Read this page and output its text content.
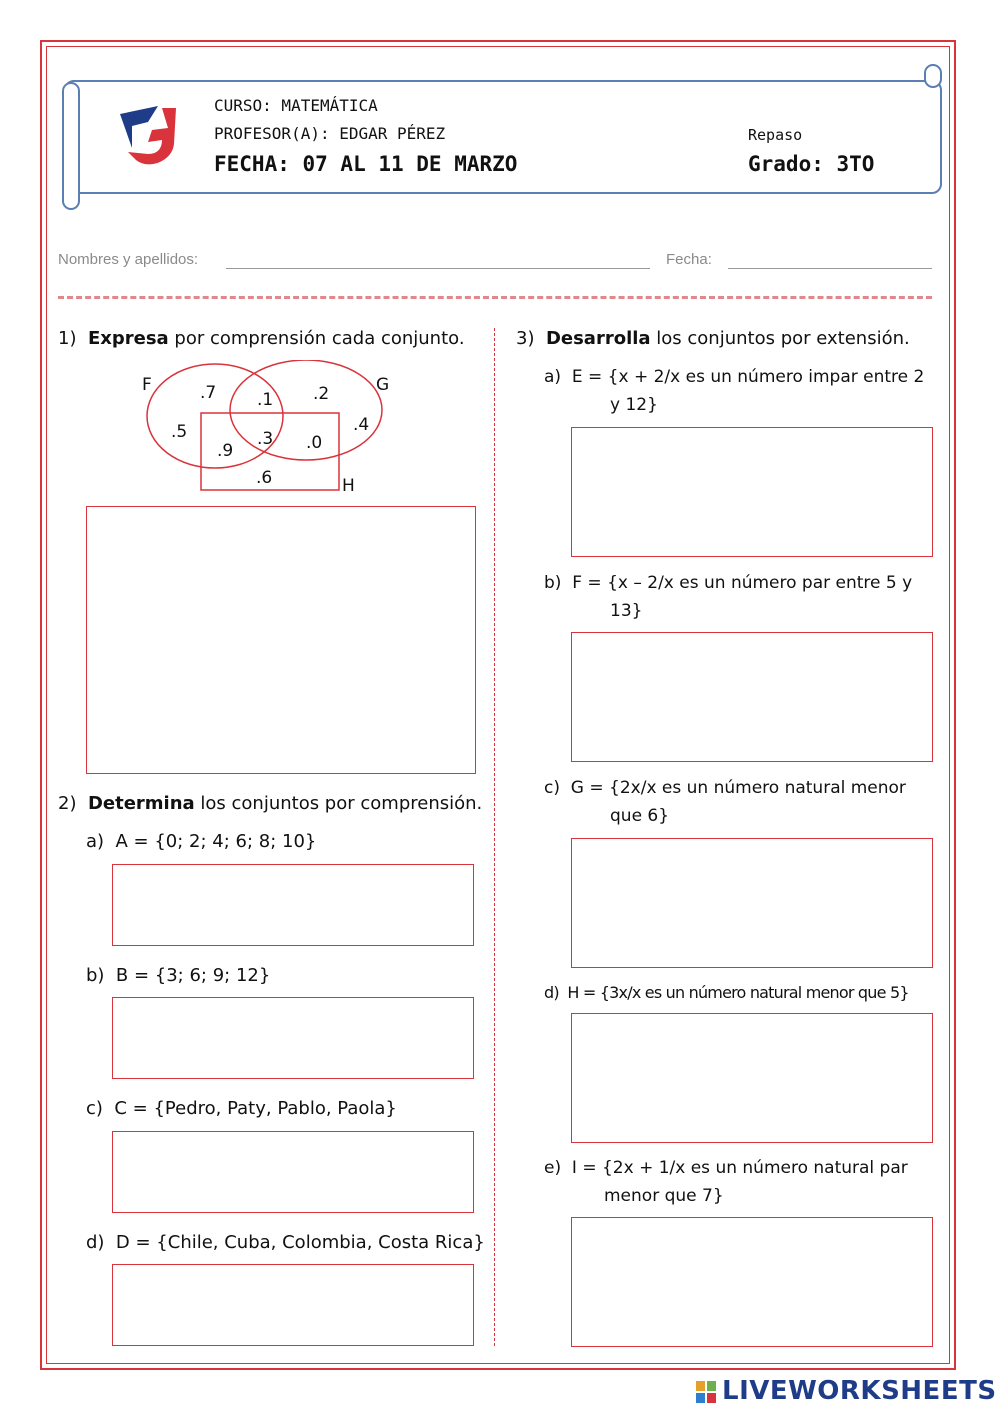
CURSO: MATEMÁTICA
PROFESOR(A): EDGAR PÉREZ
FECHA: 07 AL 11 DE MARZO
Repaso
Grado: 3TO
Nombres y apellidos:	Fecha:
1) Expresa por comprensión cada conjunto.
F	G
H
.7 .1 .2
.5	.4
.9
.3 .0
.6
2) Determina los conjuntos por comprensión.
a) A = {0; 2; 4; 6; 8; 10}
b) B = {3; 6; 9; 12}
c) C = {Pedro, Paty, Pablo, Paola}
d) D = {Chile, Cuba, Colombia, Costa Rica}
3) Desarrolla los conjuntos por extensión.
a) E = {x + 2/x es un número impar entre 2
y 12}
b) F = {x – 2/x es un número par entre 5 y
13}
c) G = {2x/x es un número natural menor
que 6}
d) H = {3x/x es un número natural menor que 5}
e) I = {2x + 1/x es un número natural par
menor que 7}
LIVEWORKSHEETS
